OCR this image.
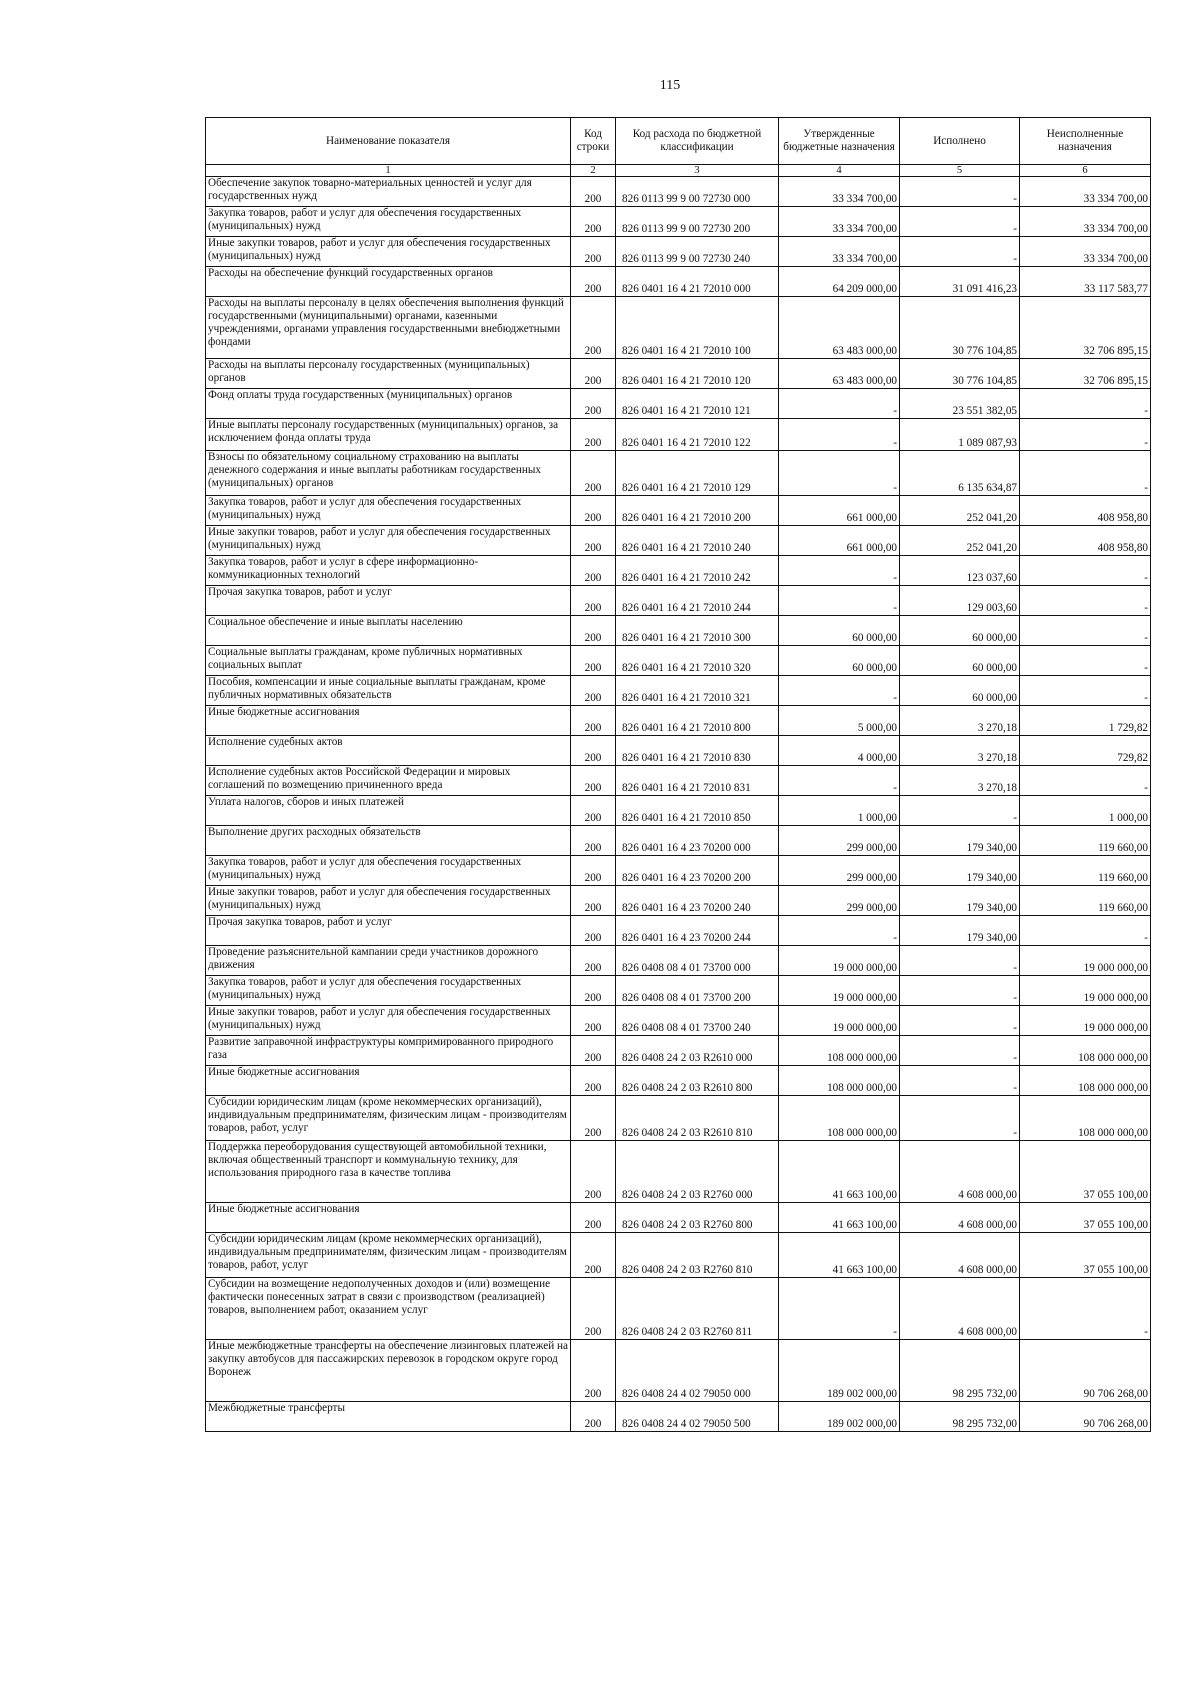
115
Наименование показателя	Код строки	Код расхода по бюджетной классификации	Утвержденные бюджетные назначения	Исполнено	Неисполненные назначения
1	2	3	4	5	6
Обеспечение закупок товарно-материальных ценностей и услуг для государственных нужд	200	826 0113 99 9 00 72730 000	33 334 700,00	-	33 334 700,00
Закупка товаров, работ и услуг для обеспечения государственных (муниципальных) нужд	200	826 0113 99 9 00 72730 200	33 334 700,00	-	33 334 700,00
Иные закупки товаров, работ и услуг для обеспечения государственных (муниципальных) нужд	200	826 0113 99 9 00 72730 240	33 334 700,00	-	33 334 700,00
Расходы на обеспечение функций государственных органов	200	826 0401 16 4 21 72010 000	64 209 000,00	31 091 416,23	33 117 583,77
Расходы на выплаты персоналу в целях обеспечения выполнения функций государственными (муниципальными) органами, казенными учреждениями, органами управления государственными внебюджетными фондами	200	826 0401 16 4 21 72010 100	63 483 000,00	30 776 104,85	32 706 895,15
Расходы на выплаты персоналу государственных (муниципальных) органов	200	826 0401 16 4 21 72010 120	63 483 000,00	30 776 104,85	32 706 895,15
Фонд оплаты труда государственных (муниципальных) органов	200	826 0401 16 4 21 72010 121	-	23 551 382,05	-
Иные выплаты персоналу государственных (муниципальных) органов, за исключением фонда оплаты труда	200	826 0401 16 4 21 72010 122	-	1 089 087,93	-
Взносы по обязательному социальному страхованию на выплаты денежного содержания и иные выплаты работникам государственных (муниципальных) органов	200	826 0401 16 4 21 72010 129	-	6 135 634,87	-
Закупка товаров, работ и услуг для обеспечения государственных (муниципальных) нужд	200	826 0401 16 4 21 72010 200	661 000,00	252 041,20	408 958,80
Иные закупки товаров, работ и услуг для обеспечения государственных (муниципальных) нужд	200	826 0401 16 4 21 72010 240	661 000,00	252 041,20	408 958,80
Закупка товаров, работ и услуг в сфере информационно-коммуникационных технологий	200	826 0401 16 4 21 72010 242	-	123 037,60	-
Прочая закупка товаров, работ и услуг	200	826 0401 16 4 21 72010 244	-	129 003,60	-
Социальное обеспечение и иные выплаты населению	200	826 0401 16 4 21 72010 300	60 000,00	60 000,00	-
Социальные выплаты гражданам, кроме публичных нормативных социальных выплат	200	826 0401 16 4 21 72010 320	60 000,00	60 000,00	-
Пособия, компенсации и иные социальные выплаты гражданам, кроме публичных нормативных обязательств	200	826 0401 16 4 21 72010 321	-	60 000,00	-
Иные бюджетные ассигнования	200	826 0401 16 4 21 72010 800	5 000,00	3 270,18	1 729,82
Исполнение судебных актов	200	826 0401 16 4 21 72010 830	4 000,00	3 270,18	729,82
Исполнение судебных актов Российской Федерации и мировых соглашений по возмещению причиненного вреда	200	826 0401 16 4 21 72010 831	-	3 270,18	-
Уплата налогов, сборов и иных платежей	200	826 0401 16 4 21 72010 850	1 000,00	-	1 000,00
Выполнение других расходных обязательств	200	826 0401 16 4 23 70200 000	299 000,00	179 340,00	119 660,00
Закупка товаров, работ и услуг для обеспечения государственных (муниципальных) нужд	200	826 0401 16 4 23 70200 200	299 000,00	179 340,00	119 660,00
Иные закупки товаров, работ и услуг для обеспечения государственных (муниципальных) нужд	200	826 0401 16 4 23 70200 240	299 000,00	179 340,00	119 660,00
Прочая закупка товаров, работ и услуг	200	826 0401 16 4 23 70200 244	-	179 340,00	-
Проведение разъяснительной кампании среди участников дорожного движения	200	826 0408 08 4 01 73700 000	19 000 000,00	-	19 000 000,00
Закупка товаров, работ и услуг для обеспечения государственных (муниципальных) нужд	200	826 0408 08 4 01 73700 200	19 000 000,00	-	19 000 000,00
Иные закупки товаров, работ и услуг для обеспечения государственных (муниципальных) нужд	200	826 0408 08 4 01 73700 240	19 000 000,00	-	19 000 000,00
Развитие заправочной инфраструктуры компримированного природного газа	200	826 0408 24 2 03 R2610 000	108 000 000,00	-	108 000 000,00
Иные бюджетные ассигнования	200	826 0408 24 2 03 R2610 800	108 000 000,00	-	108 000 000,00
Субсидии юридическим лицам (кроме некоммерческих организаций), индивидуальным предпринимателям, физическим лицам - производителям товаров, работ, услуг	200	826 0408 24 2 03 R2610 810	108 000 000,00	-	108 000 000,00
Поддержка переоборудования существующей автомобильной техники, включая общественный транспорт и коммунальную технику, для использования природного газа в качестве топлива	200	826 0408 24 2 03 R2760 000	41 663 100,00	4 608 000,00	37 055 100,00
Иные бюджетные ассигнования	200	826 0408 24 2 03 R2760 800	41 663 100,00	4 608 000,00	37 055 100,00
Субсидии юридическим лицам (кроме некоммерческих организаций), индивидуальным предпринимателям, физическим лицам - производителям товаров, работ, услуг	200	826 0408 24 2 03 R2760 810	41 663 100,00	4 608 000,00	37 055 100,00
Субсидии на возмещение недополученных доходов и (или) возмещение фактически понесенных затрат в связи с производством (реализацией) товаров, выполнением работ, оказанием услуг	200	826 0408 24 2 03 R2760 811	-	4 608 000,00	-
Иные межбюджетные трансферты на обеспечение лизинговых платежей на закупку автобусов для пассажирских перевозок в городском округе город Воронеж	200	826 0408 24 4 02 79050 000	189 002 000,00	98 295 732,00	90 706 268,00
Межбюджетные трансферты	200	826 0408 24 4 02 79050 500	189 002 000,00	98 295 732,00	90 706 268,00
